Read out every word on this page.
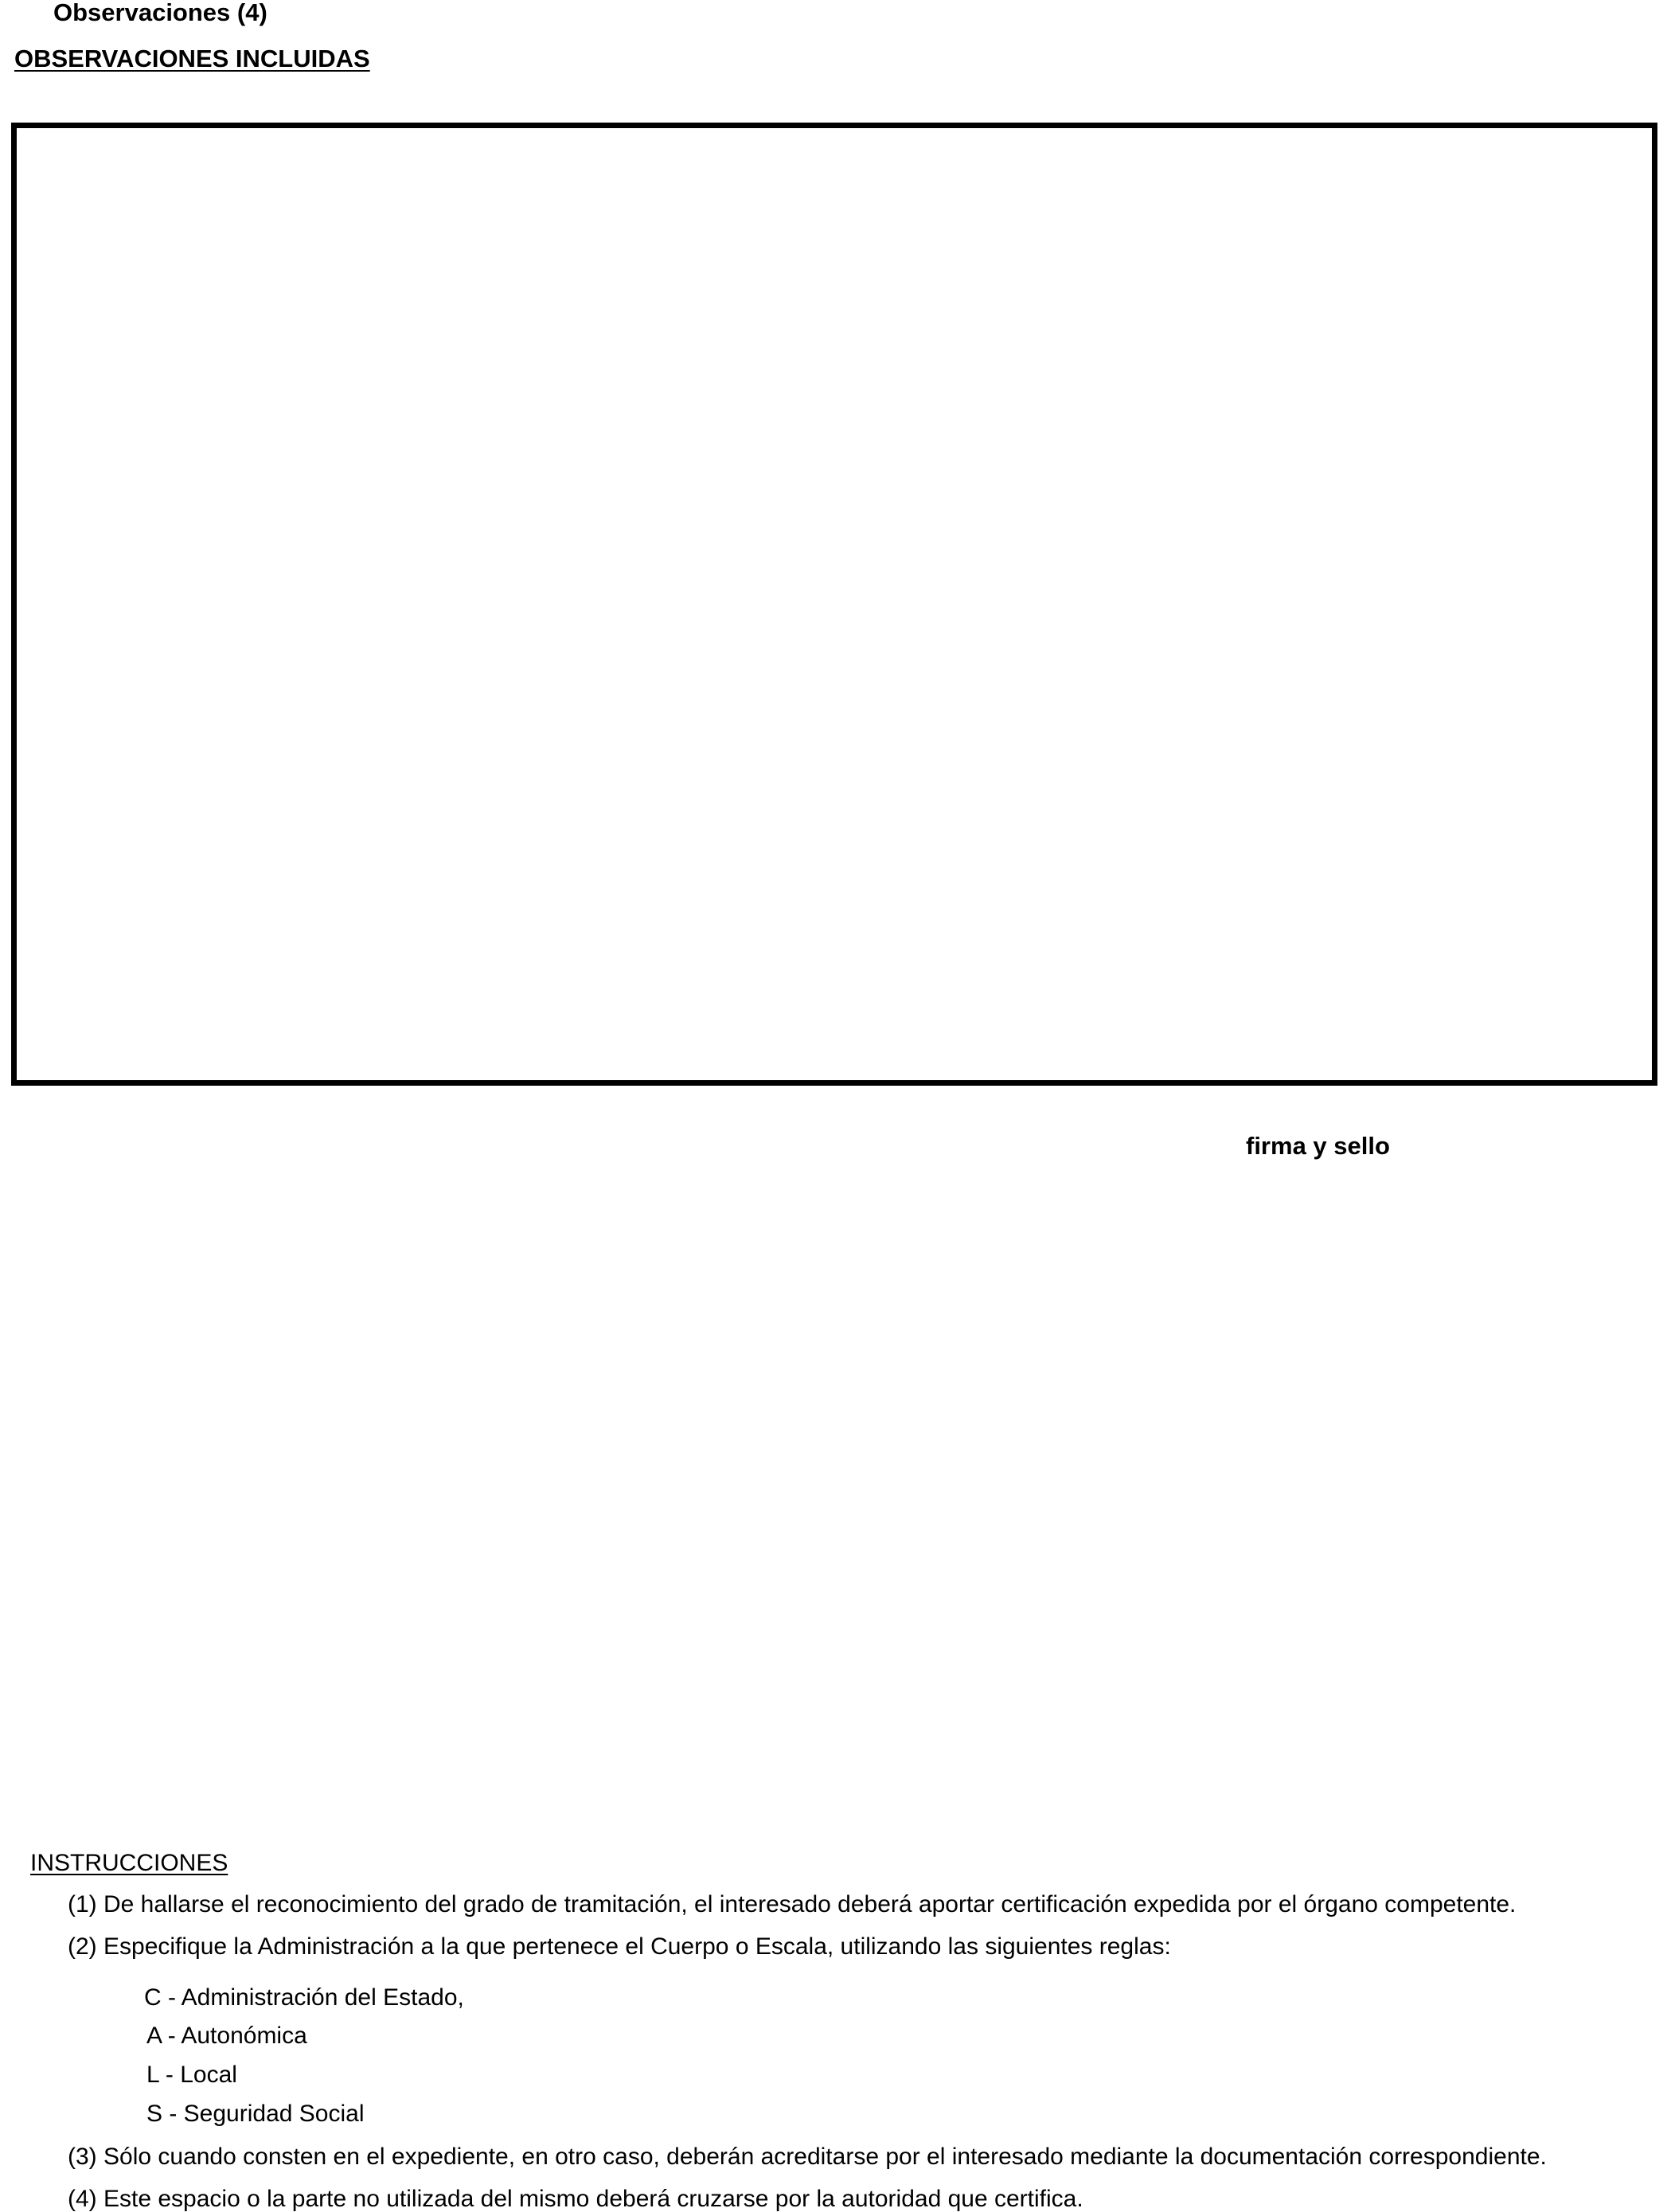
Observaciones (4)
OBSERVACIONES INCLUIDAS
firma y sello
INSTRUCCIONES
(1) De hallarse el reconocimiento del grado de tramitación, el interesado deberá aportar certificación expedida por el órgano competente.
(2) Especifique la Administración a la que pertenece el Cuerpo o Escala, utilizando las siguientes reglas:
C - Administración del Estado,
A - Autonómica
L - Local
S - Seguridad Social
(3) Sólo cuando consten en el expediente, en otro caso, deberán acreditarse por el interesado mediante la documentación correspondiente.
(4) Este espacio o la parte no utilizada del mismo deberá cruzarse por la autoridad que certifica.
